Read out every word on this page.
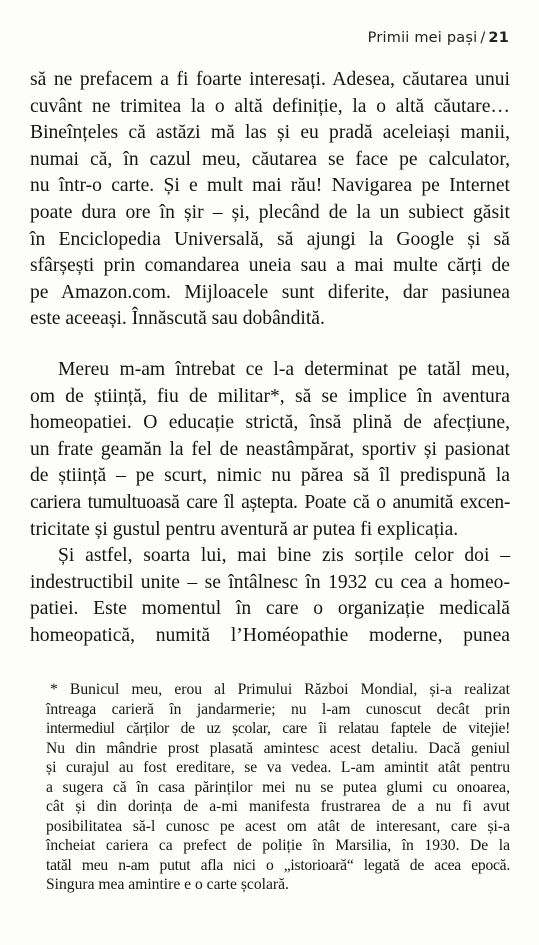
Primii mei pași / 21
să ne prefacem a fi foarte interesați. Adesea, căutarea unui
cuvânt ne trimitea la o altă definiție, la o altă căutare…
Bineînțeles că astăzi mă las și eu pradă aceleiași manii,
numai că, în cazul meu, căutarea se face pe calculator,
nu într-o carte. Și e mult mai rău! Navigarea pe Internet
poate dura ore în șir – și, plecând de la un subiect găsit
în Enciclopedia Universală, să ajungi la Google și să
sfârșești prin comandarea uneia sau a mai multe cărți de
pe Amazon.com. Mijloacele sunt diferite, dar pasiunea
este aceeași. Înnăscută sau dobândită.
Mereu m-am întrebat ce l-a determinat pe tatăl meu,
om de știință, fiu de militar*, să se implice în aventura
homeopatiei. O educație strictă, însă plină de afecțiune,
un frate geamăn la fel de neastâmpărat, sportiv și pasionat
de știință – pe scurt, nimic nu părea să îl predispună la
cariera tumultuoasă care îl aștepta. Poate că o anumită excen-
tricitate și gustul pentru aventură ar putea fi explicația.
Și astfel, soarta lui, mai bine zis sorțile celor doi –
indestructibil unite – se întâlnesc în 1932 cu cea a homeo-
patiei. Este momentul în care o organizație medicală
homeopatică, numită l’Homéopathie moderne, punea
* Bunicul meu, erou al Primului Război Mondial, și-a realizat
întreaga carieră în jandarmerie; nu l-am cunoscut decât prin
intermediul cărților de uz școlar, care îi relatau faptele de vitejie!
Nu din mândrie prost plasată amintesc acest detaliu. Dacă geniul
și curajul au fost ereditare, se va vedea. L-am amintit atât pentru
a sugera că în casa părinților mei nu se putea glumi cu onoarea,
cât și din dorința de a-mi manifesta frustrarea de a nu fi avut
posibilitatea să-l cunosc pe acest om atât de interesant, care și-a
încheiat cariera ca prefect de poliție în Marsilia, în 1930. De la
tatăl meu n-am putut afla nici o „istorioară“ legată de acea epocă.
Singura mea amintire e o carte școlară.
